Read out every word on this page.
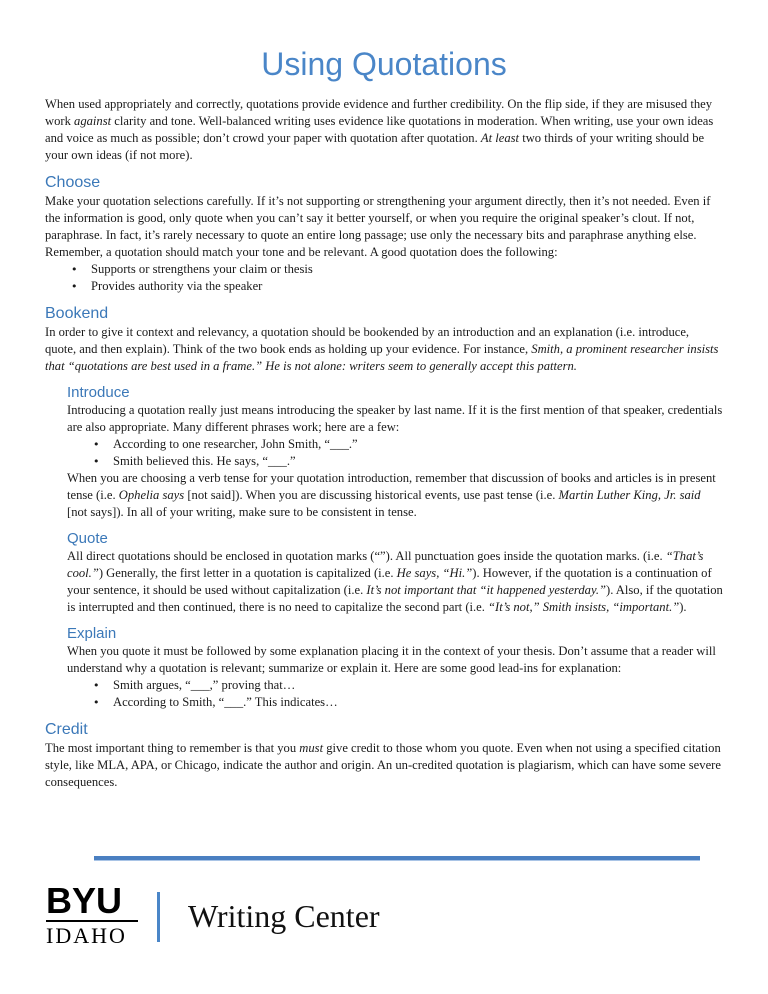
Using Quotations

When used appropriately and correctly, quotations provide evidence and further credibility. On the flip side, if they are misused they work against clarity and tone. Well-balanced writing uses evidence like quotations in moderation. When writing, use your own ideas and voice as much as possible; don’t crowd your paper with quotation after quotation. At least two thirds of your writing should be your own ideas (if not more).

Choose

Make your quotation selections carefully. If it’s not supporting or strengthening your argument directly, then it’s not needed. Even if the information is good, only quote when you can’t say it better yourself, or when you require the original speaker’s clout. If not, paraphrase. In fact, it’s rarely necessary to quote an entire long passage; use only the necessary bits and paraphrase anything else. Remember, a quotation should match your tone and be relevant. A good quotation does the following:

• Supports or strengthens your claim or thesis
• Provides authority via the speaker
Bookend

In order to give it context and relevancy, a quotation should be bookended by an introduction and an explanation (i.e. introduce, quote, and then explain). Think of the two book ends as holding up your evidence. For instance, Smith, a prominent researcher insists that “quotations are best used in a frame.” He is not alone: writers seem to generally accept this pattern.

Introduce

Introducing a quotation really just means introducing the speaker by last name. If it is the first mention of that speaker, credentials are also appropriate. Many different phrases work; here are a few:

• According to one researcher, John Smith, “___.”
• Smith believed this. He says, “___.”

When you are choosing a verb tense for your quotation introduction, remember that discussion of books and articles is in present tense (i.e. Ophelia says [not said]). When you are discussing historical events, use past tense (i.e. Martin Luther King, Jr. said [not says]). In all of your writing, make sure to be consistent in tense.

Quote

All direct quotations should be enclosed in quotation marks (“”). All punctuation goes inside the quotation marks. (i.e. “That’s cool.”) Generally, the first letter in a quotation is capitalized (i.e. He says, “Hi.”). However, if the quotation is a continuation of your sentence, it should be used without capitalization (i.e. It’s not important that “it happened yesterday.”). Also, if the quotation is interrupted and then continued, there is no need to capitalize the second part (i.e. “It’s not,” Smith insists, “important.”).

Explain

When you quote it must be followed by some explanation placing it in the context of your thesis. Don’t assume that a reader will understand why a quotation is relevant; summarize or explain it. Here are some good lead-ins for explanation:

• Smith argues, “___,” proving that…
• According to Smith, “___.” This indicates…
Credit

The most important thing to remember is that you must give credit to those whom you quote. Even when not using a specified citation style, like MLA, APA, or Chicago, indicate the author and origin. An un-credited quotation is plagiarism, which can have some severe consequences.

BYU
IDAHO
Writing Center
